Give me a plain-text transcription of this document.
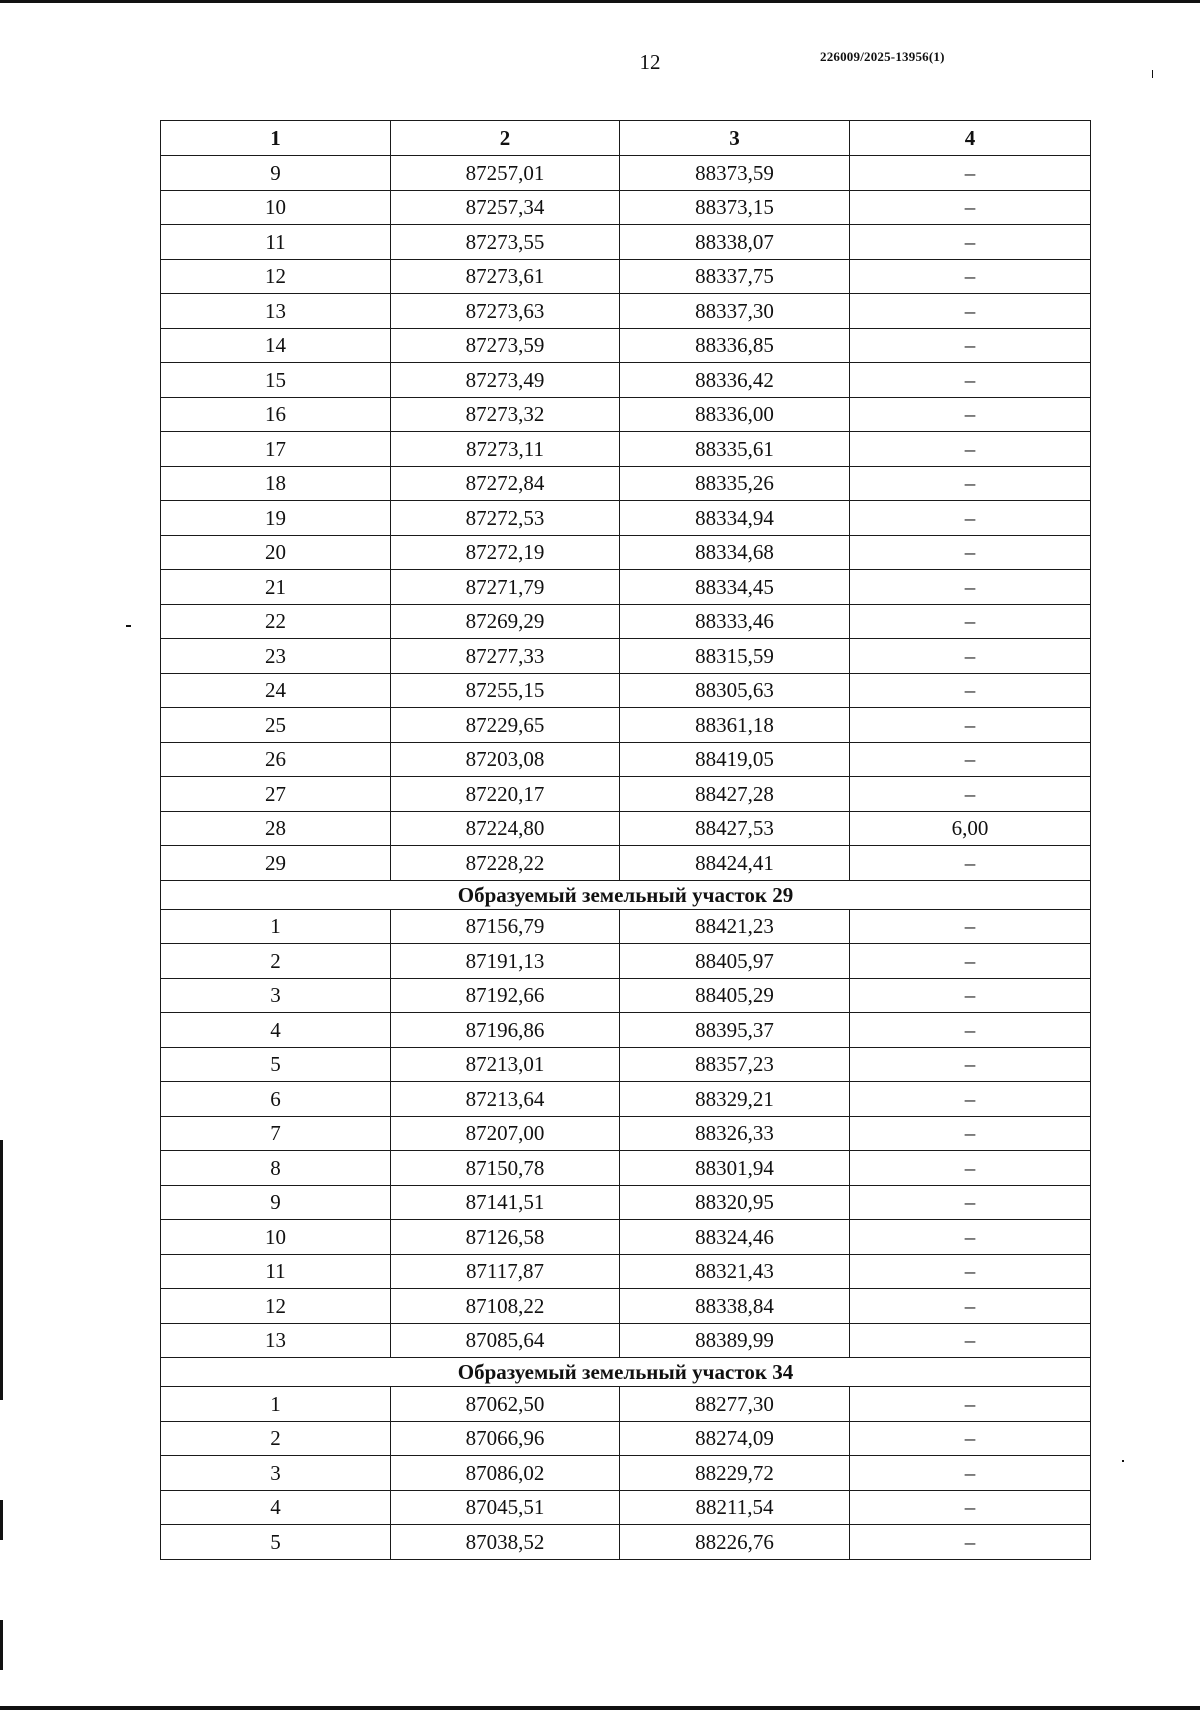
12	226009/2025-13956(1)
1	2	3	4
9	87257,01	88373,59	–
10	87257,34	88373,15	–
11	87273,55	88338,07	–
12	87273,61	88337,75	–
13	87273,63	88337,30	–
14	87273,59	88336,85	–
15	87273,49	88336,42	–
16	87273,32	88336,00	–
17	87273,11	88335,61	–
18	87272,84	88335,26	–
19	87272,53	88334,94	–
20	87272,19	88334,68	–
21	87271,79	88334,45	–
22	87269,29	88333,46	–
23	87277,33	88315,59	–
24	87255,15	88305,63	–
25	87229,65	88361,18	–
26	87203,08	88419,05	–
27	87220,17	88427,28	–
28	87224,80	88427,53	6,00
29	87228,22	88424,41	–
Образуемый земельный участок 29			
1	87156,79	88421,23	–
2	87191,13	88405,97	–
3	87192,66	88405,29	–
4	87196,86	88395,37	–
5	87213,01	88357,23	–
6	87213,64	88329,21	–
7	87207,00	88326,33	–
8	87150,78	88301,94	–
9	87141,51	88320,95	–
10	87126,58	88324,46	–
11	87117,87	88321,43	–
12	87108,22	88338,84	–
13	87085,64	88389,99	–
Образуемый земельный участок 34			
1	87062,50	88277,30	–
2	87066,96	88274,09	–
3	87086,02	88229,72	–
4	87045,51	88211,54	–
5	87038,52	88226,76	–
